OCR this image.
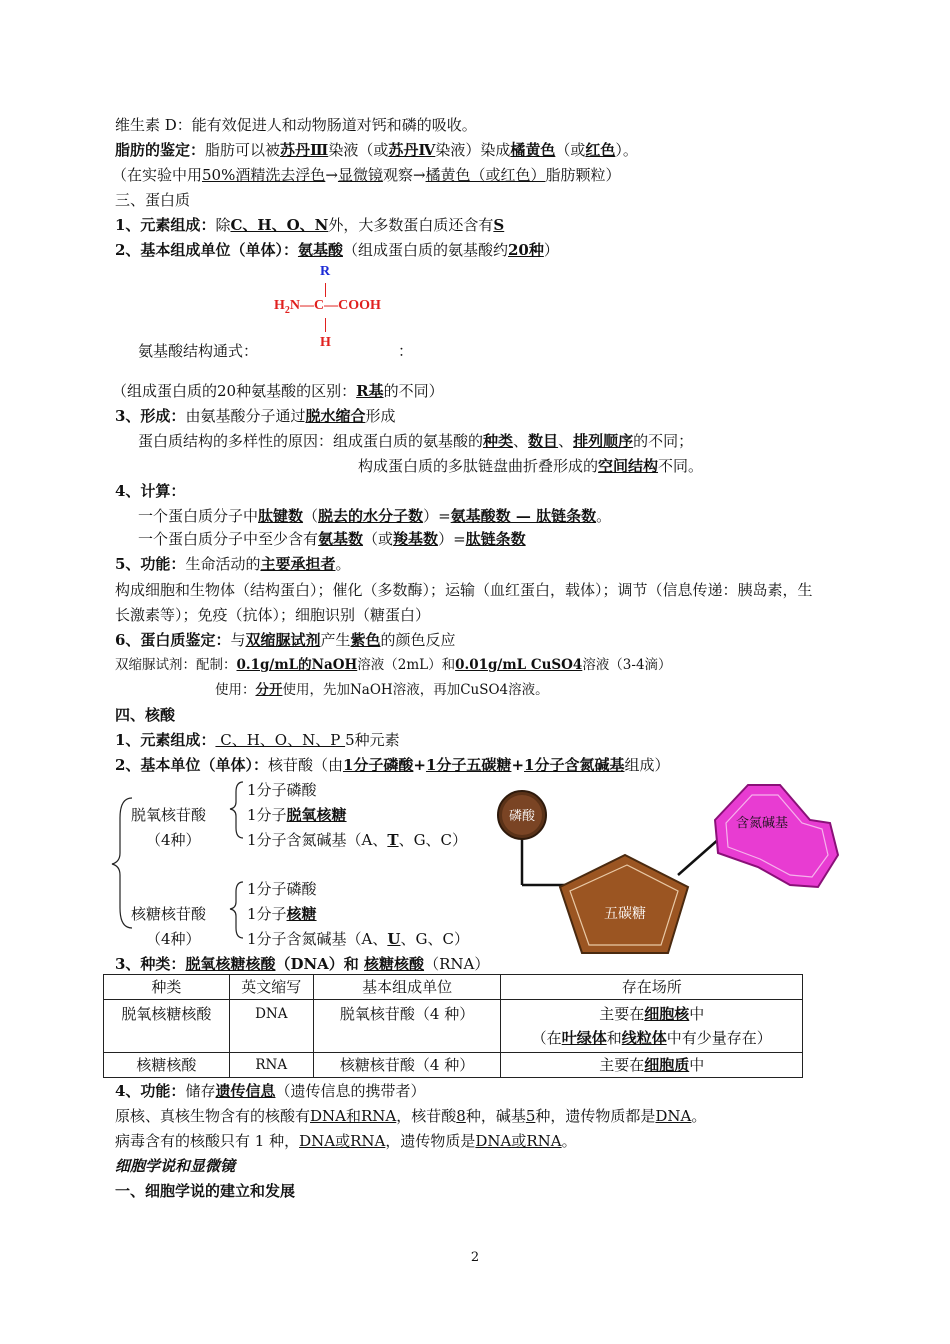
维生素 D：能有效促进人和动物肠道对钙和磷的吸收。
脂肪的鉴定：脂肪可以被苏丹Ⅲ染液（或苏丹Ⅳ染液）染成橘黄色（或红色）。
（在实验中用50%酒精洗去浮色→显微镜观察→橘黄色（或红色）脂肪颗粒）
三、蛋白质
1、元素组成：除C、H、O、N外，大多数蛋白质还含有S
2、基本组成单位（单体）：氨基酸（组成蛋白质的氨基酸约20种）
R
$H_2N—C—COOH$
H
氨基酸结构通式：	：
（组成蛋白质的20种氨基酸的区别：R基的不同）
3、形成：由氨基酸分子通过脱水缩合形成
蛋白质结构的多样性的原因：组成蛋白质的氨基酸的种类、数目、排列顺序的不同；
构成蛋白质的多肽链盘曲折叠形成的空间结构不同。
4、计算：
一个蛋白质分子中肽键数（脱去的水分子数）=氨基酸数 — 肽链条数。
一个蛋白质分子中至少含有氨基数（或羧基数）=肽链条数
5、功能：生命活动的主要承担者。
构成细胞和生物体（结构蛋白）；催化（多数酶）；运输（血红蛋白，载体）；调节（信息传递：胰岛素，生
长激素等）；免疫（抗体）；细胞识别（糖蛋白）
6、蛋白质鉴定：与双缩脲试剂产生紫色的颜色反应
双缩脲试剂：配制：0.1g/mL的NaOH溶液（2mL）和0.01g/mL CuSO4溶液（3-4滴）
使用：分开使用，先加NaOH溶液，再加CuSO4溶液。
四、核酸
1、元素组成： C、H、O、N、P 5种元素
2、基本单位（单体）：核苷酸（由1分子磷酸+1分子五碳糖+1分子含氮碱基组成）
脱氧核苷酸
（4种）
1分子磷酸
1分子脱氧核糖
1分子含氮碱基（A、T、G、C）
核糖核苷酸
（4种）
1分子磷酸
1分子核糖
1分子含氮碱基（A、U、G、C）
磷酸
五碳糖
含氮碱基
3、种类：脱氧核糖核酸（DNA）和 核糖核酸（RNA）
种类	英文缩写	基本组成单位	存在场所
脱氧核糖核酸	DNA	脱氧核苷酸（4 种）	主要在细胞核中
（在叶绿体和线粒体中有少量存在）

核糖核酸	RNA	核糖核苷酸（4 种）	主要在细胞质中
4、功能：储存遗传信息（遗传信息的携带者）
原核、真核生物含有的核酸有DNA和RNA，核苷酸8种，碱基5种，遗传物质都是DNA。
病毒含有的核酸只有 1 种，DNA或RNA，遗传物质是DNA或RNA。
细胞学说和显微镜
一、细胞学说的建立和发展
2
